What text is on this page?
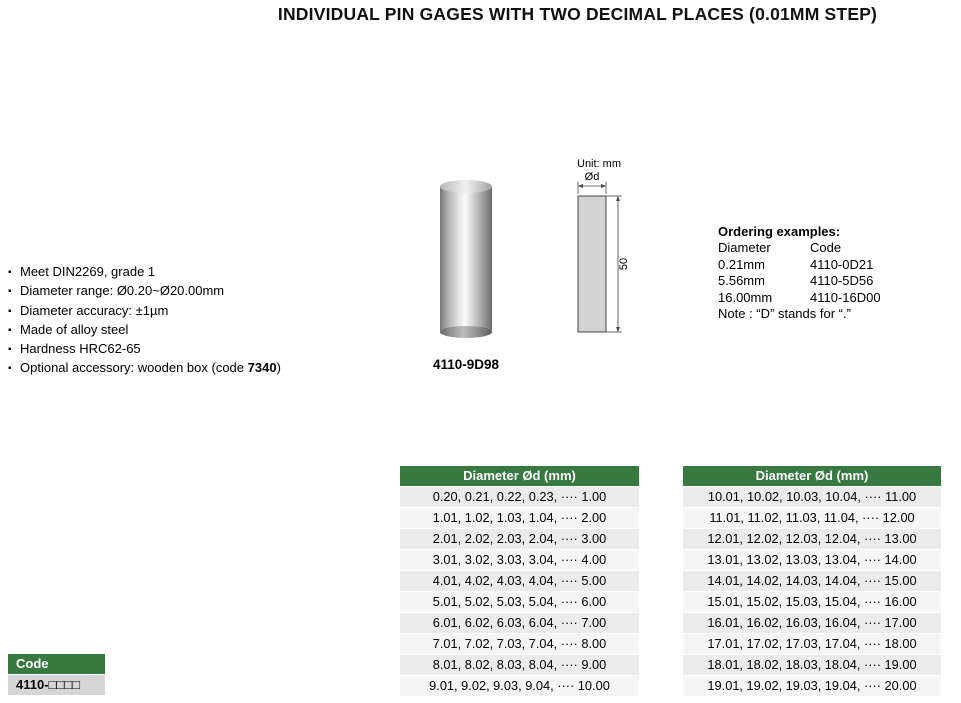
INDIVIDUAL PIN GAGES WITH TWO DECIMAL PLACES (0.01MM STEP)
▪
Meet DIN2269, grade 1
▪
Diameter range: Ø0.20~Ø20.00mm
▪
Diameter accuracy: ±1µm
▪
Made of alloy steel
▪
Hardness HRC62-65
▪
Optional accessory: wooden box (code 7340)	4110-9D98
Unit: mm
Ød
50
Ordering examples:
Diameter	Code
0.21mm	4110-0D21
5.56mm	4110-5D56
16.00mm	4110-16D00
Note : “D” stands for “.”
Code
4110-□□□□
Diameter Ød (mm)
0.20, 0.21, 0.22, 0.23, ···· 1.00
1.01, 1.02, 1.03, 1.04, ···· 2.00
2.01, 2.02, 2.03, 2.04, ···· 3.00
3.01, 3.02, 3.03, 3.04, ···· 4.00
4.01, 4.02, 4.03, 4.04, ···· 5.00
5.01, 5.02, 5.03, 5.04, ···· 6.00
6.01, 6.02, 6.03, 6.04, ···· 7.00
7.01, 7.02, 7.03, 7.04, ···· 8.00
8.01, 8.02, 8.03, 8.04, ···· 9.00
9.01, 9.02, 9.03, 9.04, ···· 10.00
Diameter Ød (mm)
10.01, 10.02, 10.03, 10.04, ···· 11.00
11.01, 11.02, 11.03, 11.04, ···· 12.00
12.01, 12.02, 12.03, 12.04, ···· 13.00
13.01, 13.02, 13.03, 13.04, ···· 14.00
14.01, 14.02, 14.03, 14.04, ···· 15.00
15.01, 15.02, 15.03, 15.04, ···· 16.00
16.01, 16.02, 16.03, 16.04, ···· 17.00
17.01, 17.02, 17.03, 17.04, ···· 18.00
18.01, 18.02, 18.03, 18.04, ···· 19.00
19.01, 19.02, 19.03, 19.04, ···· 20.00
